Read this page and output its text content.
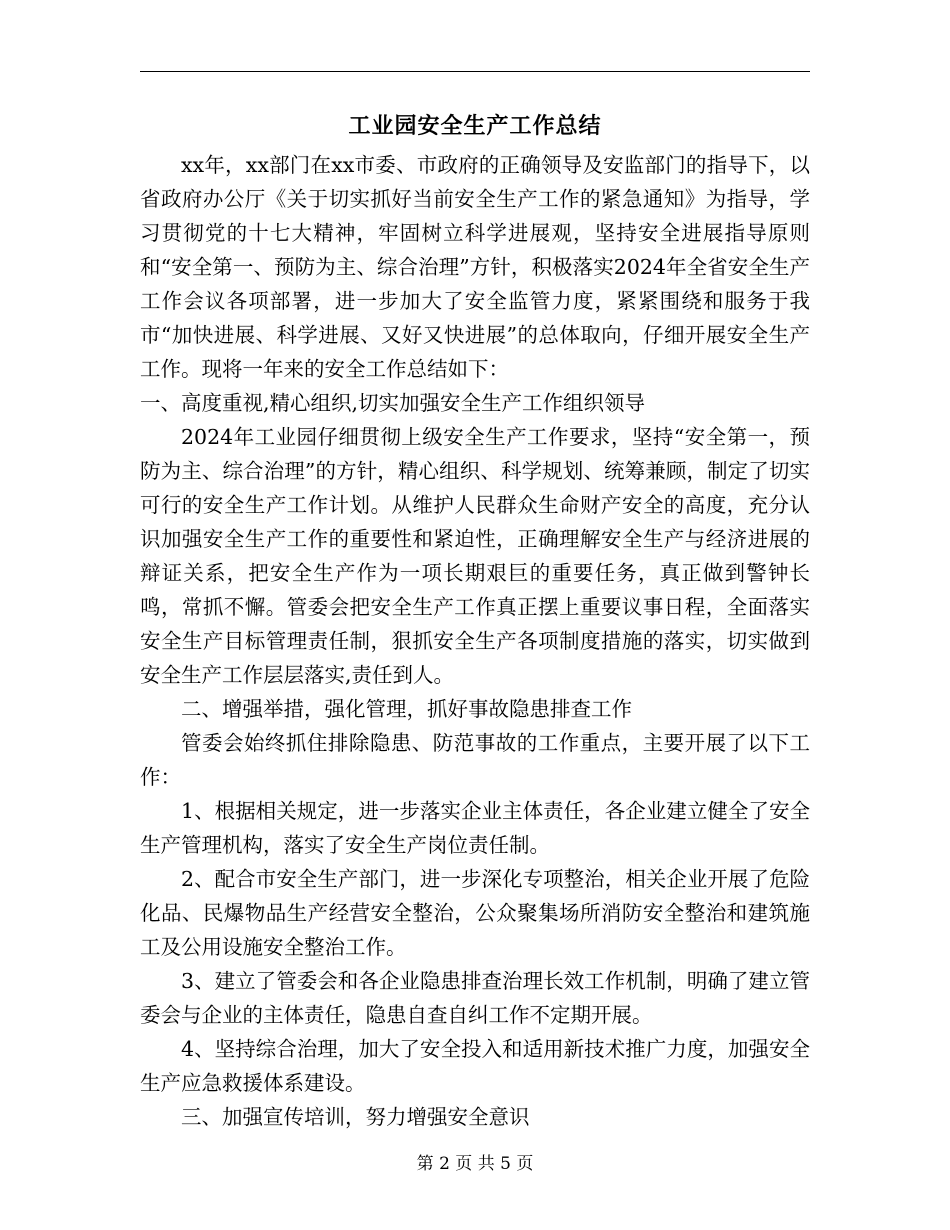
工业园安全生产工作总结

xx年，xx部门在xx市委、市政府的正确领导及安监部门的指导下，以省政府办公厅《关于切实抓好当前安全生产工作的紧急通知》为指导，学习贯彻党的十七大精神，牢固树立科学进展观，坚持安全进展指导原则和“安全第一、预防为主、综合治理”方针，积极落实2024年全省安全生产工作会议各项部署，进一步加大了安全监管力度，紧紧围绕和服务于我市“加快进展、科学进展、又好又快进展”的总体取向，仔细开展安全生产工作。现将一年来的安全工作总结如下：

一、高度重视,精心组织,切实加强安全生产工作组织领导

2024年工业园仔细贯彻上级安全生产工作要求，坚持“安全第一，预防为主、综合治理”的方针，精心组织、科学规划、统筹兼顾，制定了切实可行的安全生产工作计划。从维护人民群众生命财产安全的高度，充分认识加强安全生产工作的重要性和紧迫性，正确理解安全生产与经济进展的辩证关系，把安全生产作为一项长期艰巨的重要任务，真正做到警钟长鸣，常抓不懈。管委会把安全生产工作真正摆上重要议事日程，全面落实安全生产目标管理责任制，狠抓安全生产各项制度措施的落实，切实做到安全生产工作层层落实,责任到人。

二、增强举措，强化管理，抓好事故隐患排查工作

管委会始终抓住排除隐患、防范事故的工作重点，主要开展了以下工作：

1、根据相关规定，进一步落实企业主体责任，各企业建立健全了安全生产管理机构，落实了安全生产岗位责任制。

2、配合市安全生产部门，进一步深化专项整治，相关企业开展了危险化品、民爆物品生产经营安全整治，公众聚集场所消防安全整治和建筑施工及公用设施安全整治工作。

3、建立了管委会和各企业隐患排查治理长效工作机制，明确了建立管委会与企业的主体责任，隐患自查自纠工作不定期开展。

4、坚持综合治理，加大了安全投入和适用新技术推广力度，加强安全生产应急救援体系建设。

三、加强宣传培训，努力增强安全意识

第 2 页 共 5 页
